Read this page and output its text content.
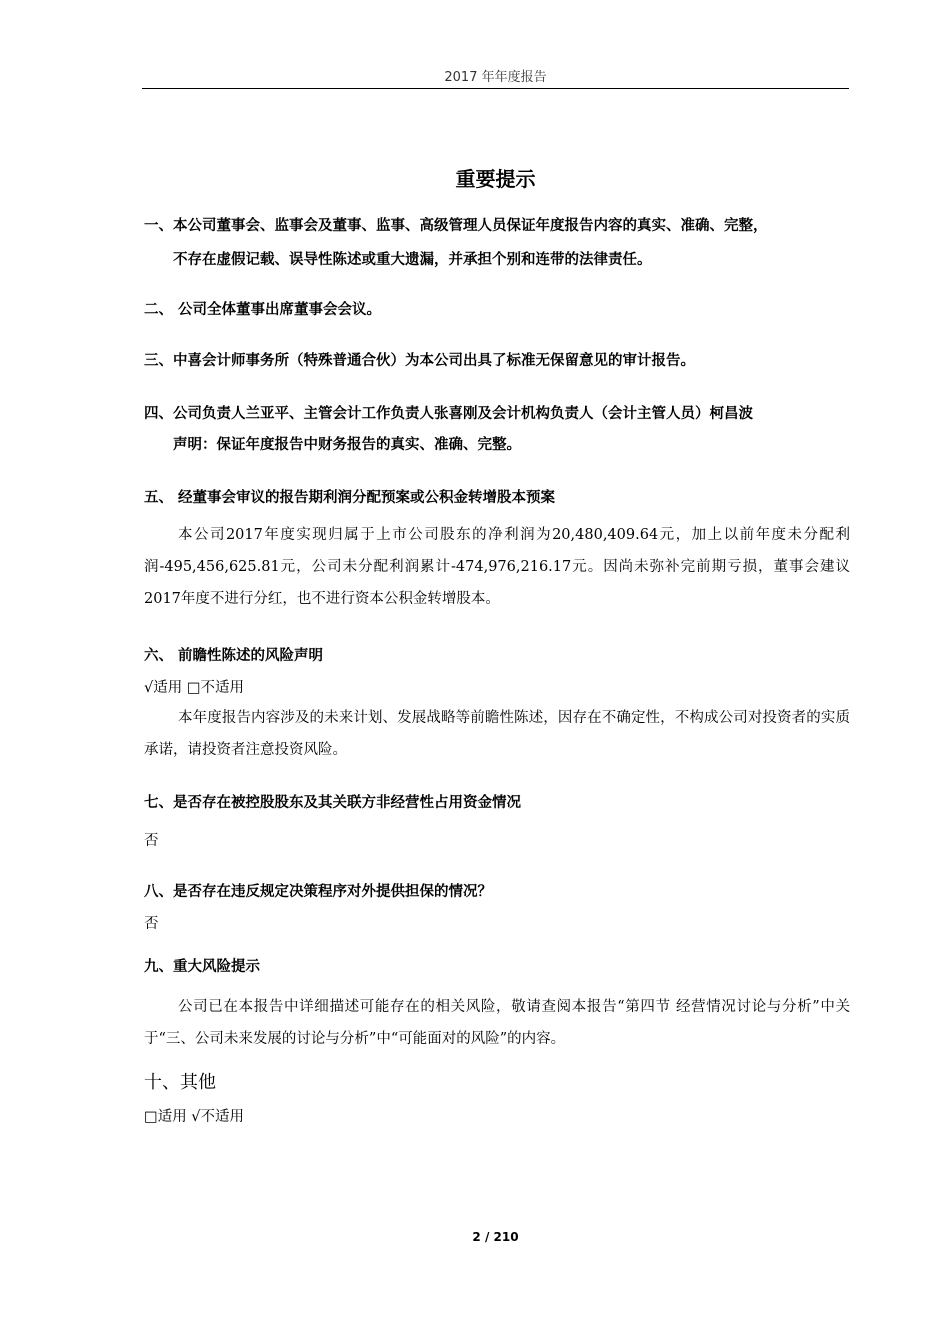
2017 年年度报告
重要提示
一、本公司董事会、监事会及董事、监事、高级管理人员保证年度报告内容的真实、准确、完整，
不存在虚假记载、误导性陈述或重大遗漏，并承担个别和连带的法律责任。
二、 公司全体董事出席董事会会议。
三、中喜会计师事务所（特殊普通合伙）为本公司出具了标准无保留意见的审计报告。
四、公司负责人兰亚平、主管会计工作负责人张喜刚及会计机构负责人（会计主管人员）柯昌波
声明：保证年度报告中财务报告的真实、准确、完整。
五、 经董事会审议的报告期利润分配预案或公积金转增股本预案
本公司2017年度实现归属于上市公司股东的净利润为20,480,409.64元，加上以前年度未分配利润-495,456,625.81元，公司未分配利润累计-474,976,216.17元。因尚未弥补完前期亏损，董事会建议2017年度不进行分红，也不进行资本公积金转增股本。
六、 前瞻性陈述的风险声明
√适用 □不适用
本年度报告内容涉及的未来计划、发展战略等前瞻性陈述，因存在不确定性，不构成公司对投资者的实质承诺，请投资者注意投资风险。
七、是否存在被控股股东及其关联方非经营性占用资金情况
否
八、是否存在违反规定决策程序对外提供担保的情况？
否
九、重大风险提示
公司已在本报告中详细描述可能存在的相关风险，敬请查阅本报告“第四节 经营情况讨论与分析”中关于“三、公司未来发展的讨论与分析”中“可能面对的风险”的内容。
十、其他
□适用 √不适用
2 / 210
